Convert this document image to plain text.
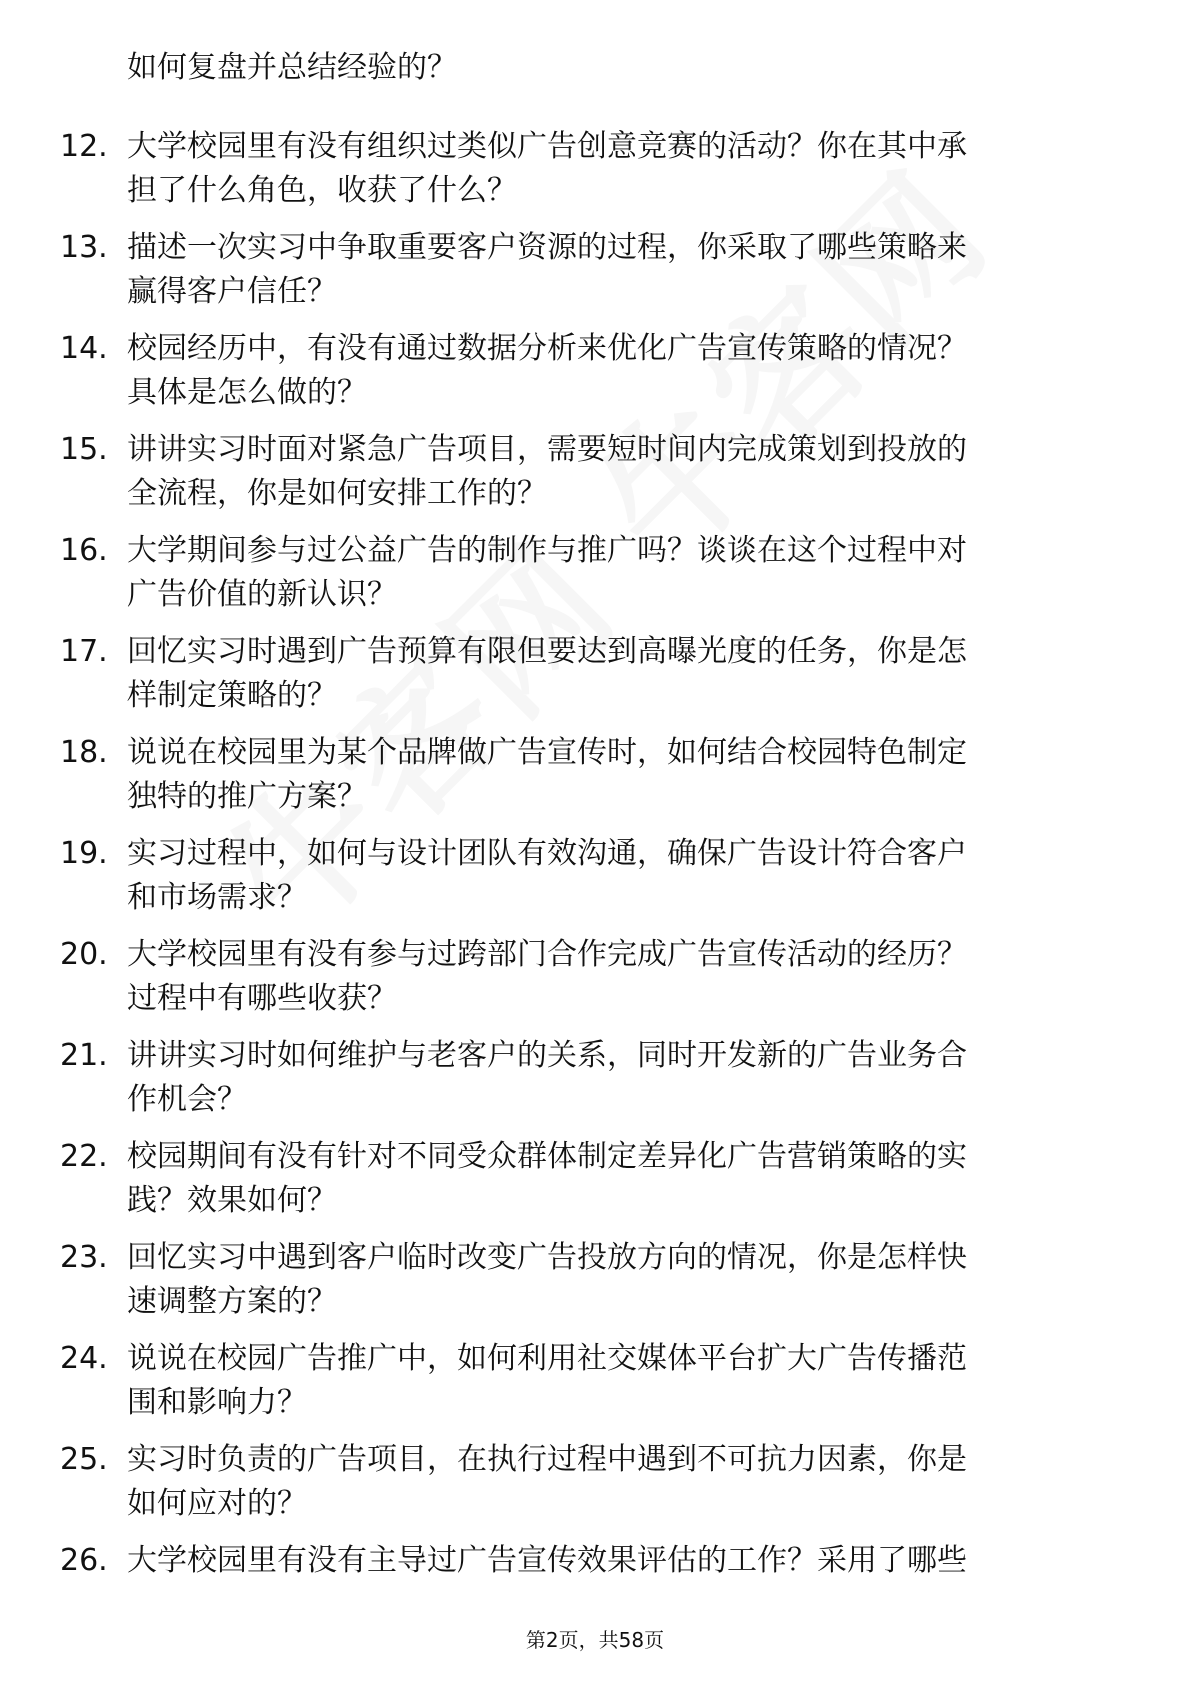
如何复盘并总结经验的？
12. 大学校园里有没有组织过类似广告创意竞赛的活动？你在其中承
担了什么角色，收获了什么？
13. 描述一次实习中争取重要客户资源的过程，你采取了哪些策略来
赢得客户信任？
14. 校园经历中，有没有通过数据分析来优化广告宣传策略的情况？
具体是怎么做的？
15. 讲讲实习时面对紧急广告项目，需要短时间内完成策划到投放的
全流程，你是如何安排工作的？
16. 大学期间参与过公益广告的制作与推广吗？谈谈在这个过程中对
广告价值的新认识？
17. 回忆实习时遇到广告预算有限但要达到高曝光度的任务，你是怎
样制定策略的？
18. 说说在校园里为某个品牌做广告宣传时，如何结合校园特色制定
独特的推广方案？
19. 实习过程中，如何与设计团队有效沟通，确保广告设计符合客户
和市场需求？
20. 大学校园里有没有参与过跨部门合作完成广告宣传活动的经历？
过程中有哪些收获？
21. 讲讲实习时如何维护与老客户的关系，同时开发新的广告业务合
作机会？
22. 校园期间有没有针对不同受众群体制定差异化广告营销策略的实
践？效果如何？
23. 回忆实习中遇到客户临时改变广告投放方向的情况，你是怎样快
速调整方案的？
24. 说说在校园广告推广中，如何利用社交媒体平台扩大广告传播范
围和影响力？
25. 实习时负责的广告项目，在执行过程中遇到不可抗力因素，你是
如何应对的？
26. 大学校园里有没有主导过广告宣传效果评估的工作？采用了哪些
第2页，共58页
